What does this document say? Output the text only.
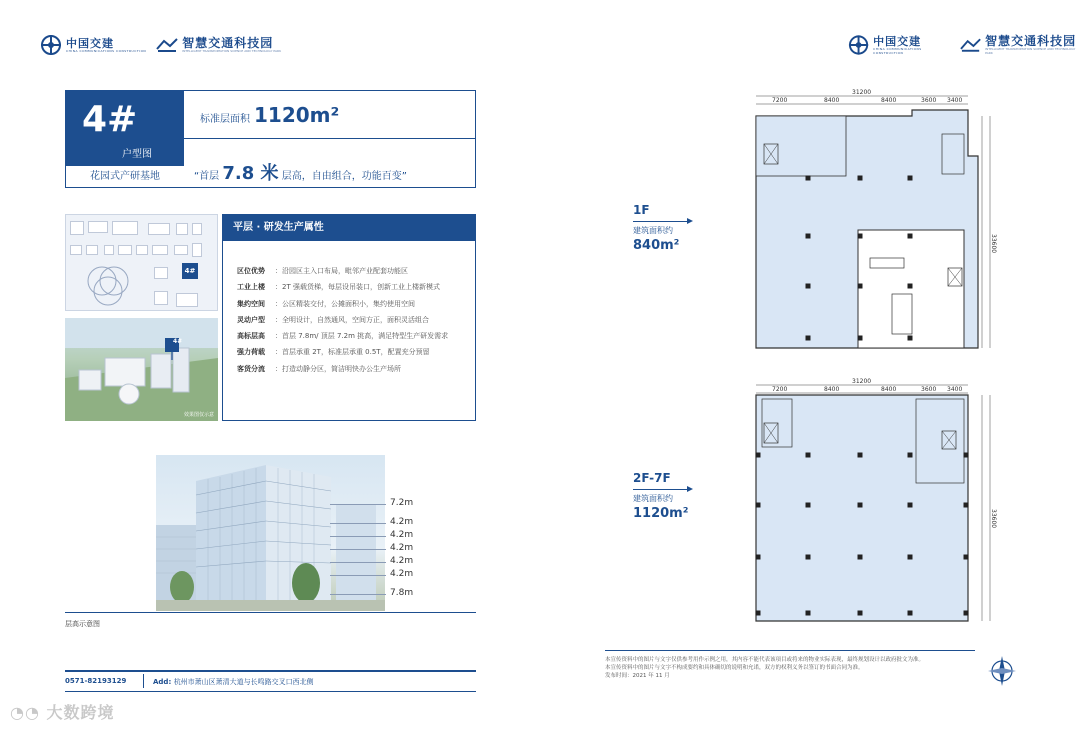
中国交建
CHINA COMMUNICATIONS CONSTRUCTION
智慧交通科技园
INTELLIGENT TRANSPORTATION SCIENCE AND TECHNOLOGY PARK
中国交建
CHINA COMMUNICATIONS CONSTRUCTION
智慧交通科技园
INTELLIGENT TRANSPORTATION SCIENCE AND TECHNOLOGY PARK
4#
户型图
花园式产研基地
标准层面积 1120m²
“首层 7.8 米 层高，自由组合，功能百变”
4#
4#
效果图仅示意
平层 · 研发生产属性
区位优势	：沿园区主入口布局，毗邻产业配套功能区
工业上楼	：2T 强载货梯，每层设吊装口，创新工业上楼新模式
集约空间	：公区精装交付，公摊面积小，集约使用空间
灵动户型	：全明设计，自然通风，空间方正，面积灵活组合
高标层高	：首层 7.8m/ 顶层 7.2m 挑高，满足特型生产研发需求
强力荷载	：首层承重 2T，标准层承重 0.5T，配置充分预留
客货分流	：打造动静分区，简洁明快办公生产场所
7.2m
4.2m
4.2m
4.2m
4.2m
4.2m
7.8m
层高示意图
0571-82193129	Add: 杭州市萧山区萧清大道与长鸣路交叉口西北侧
1F
建筑面积约
840m²
2F-7F
建筑面积约
1120m²
31200
7200	8400	8400	3600 3400
33600
31200
7200	8400	8400	3600 3400
33600
本宣传资料中的图片与文字仅供参考用作示例之用，其内容不能代表该项目或将来的物业实际表现，最终规划设计以政府批文为准。
本宣传资料中的图片与文字不构成要约和具体确切的说明和允诺，双方的权利义务以签订的书面合同为准。
发布时间：2021 年 11 月
◔◔ 大数跨境
